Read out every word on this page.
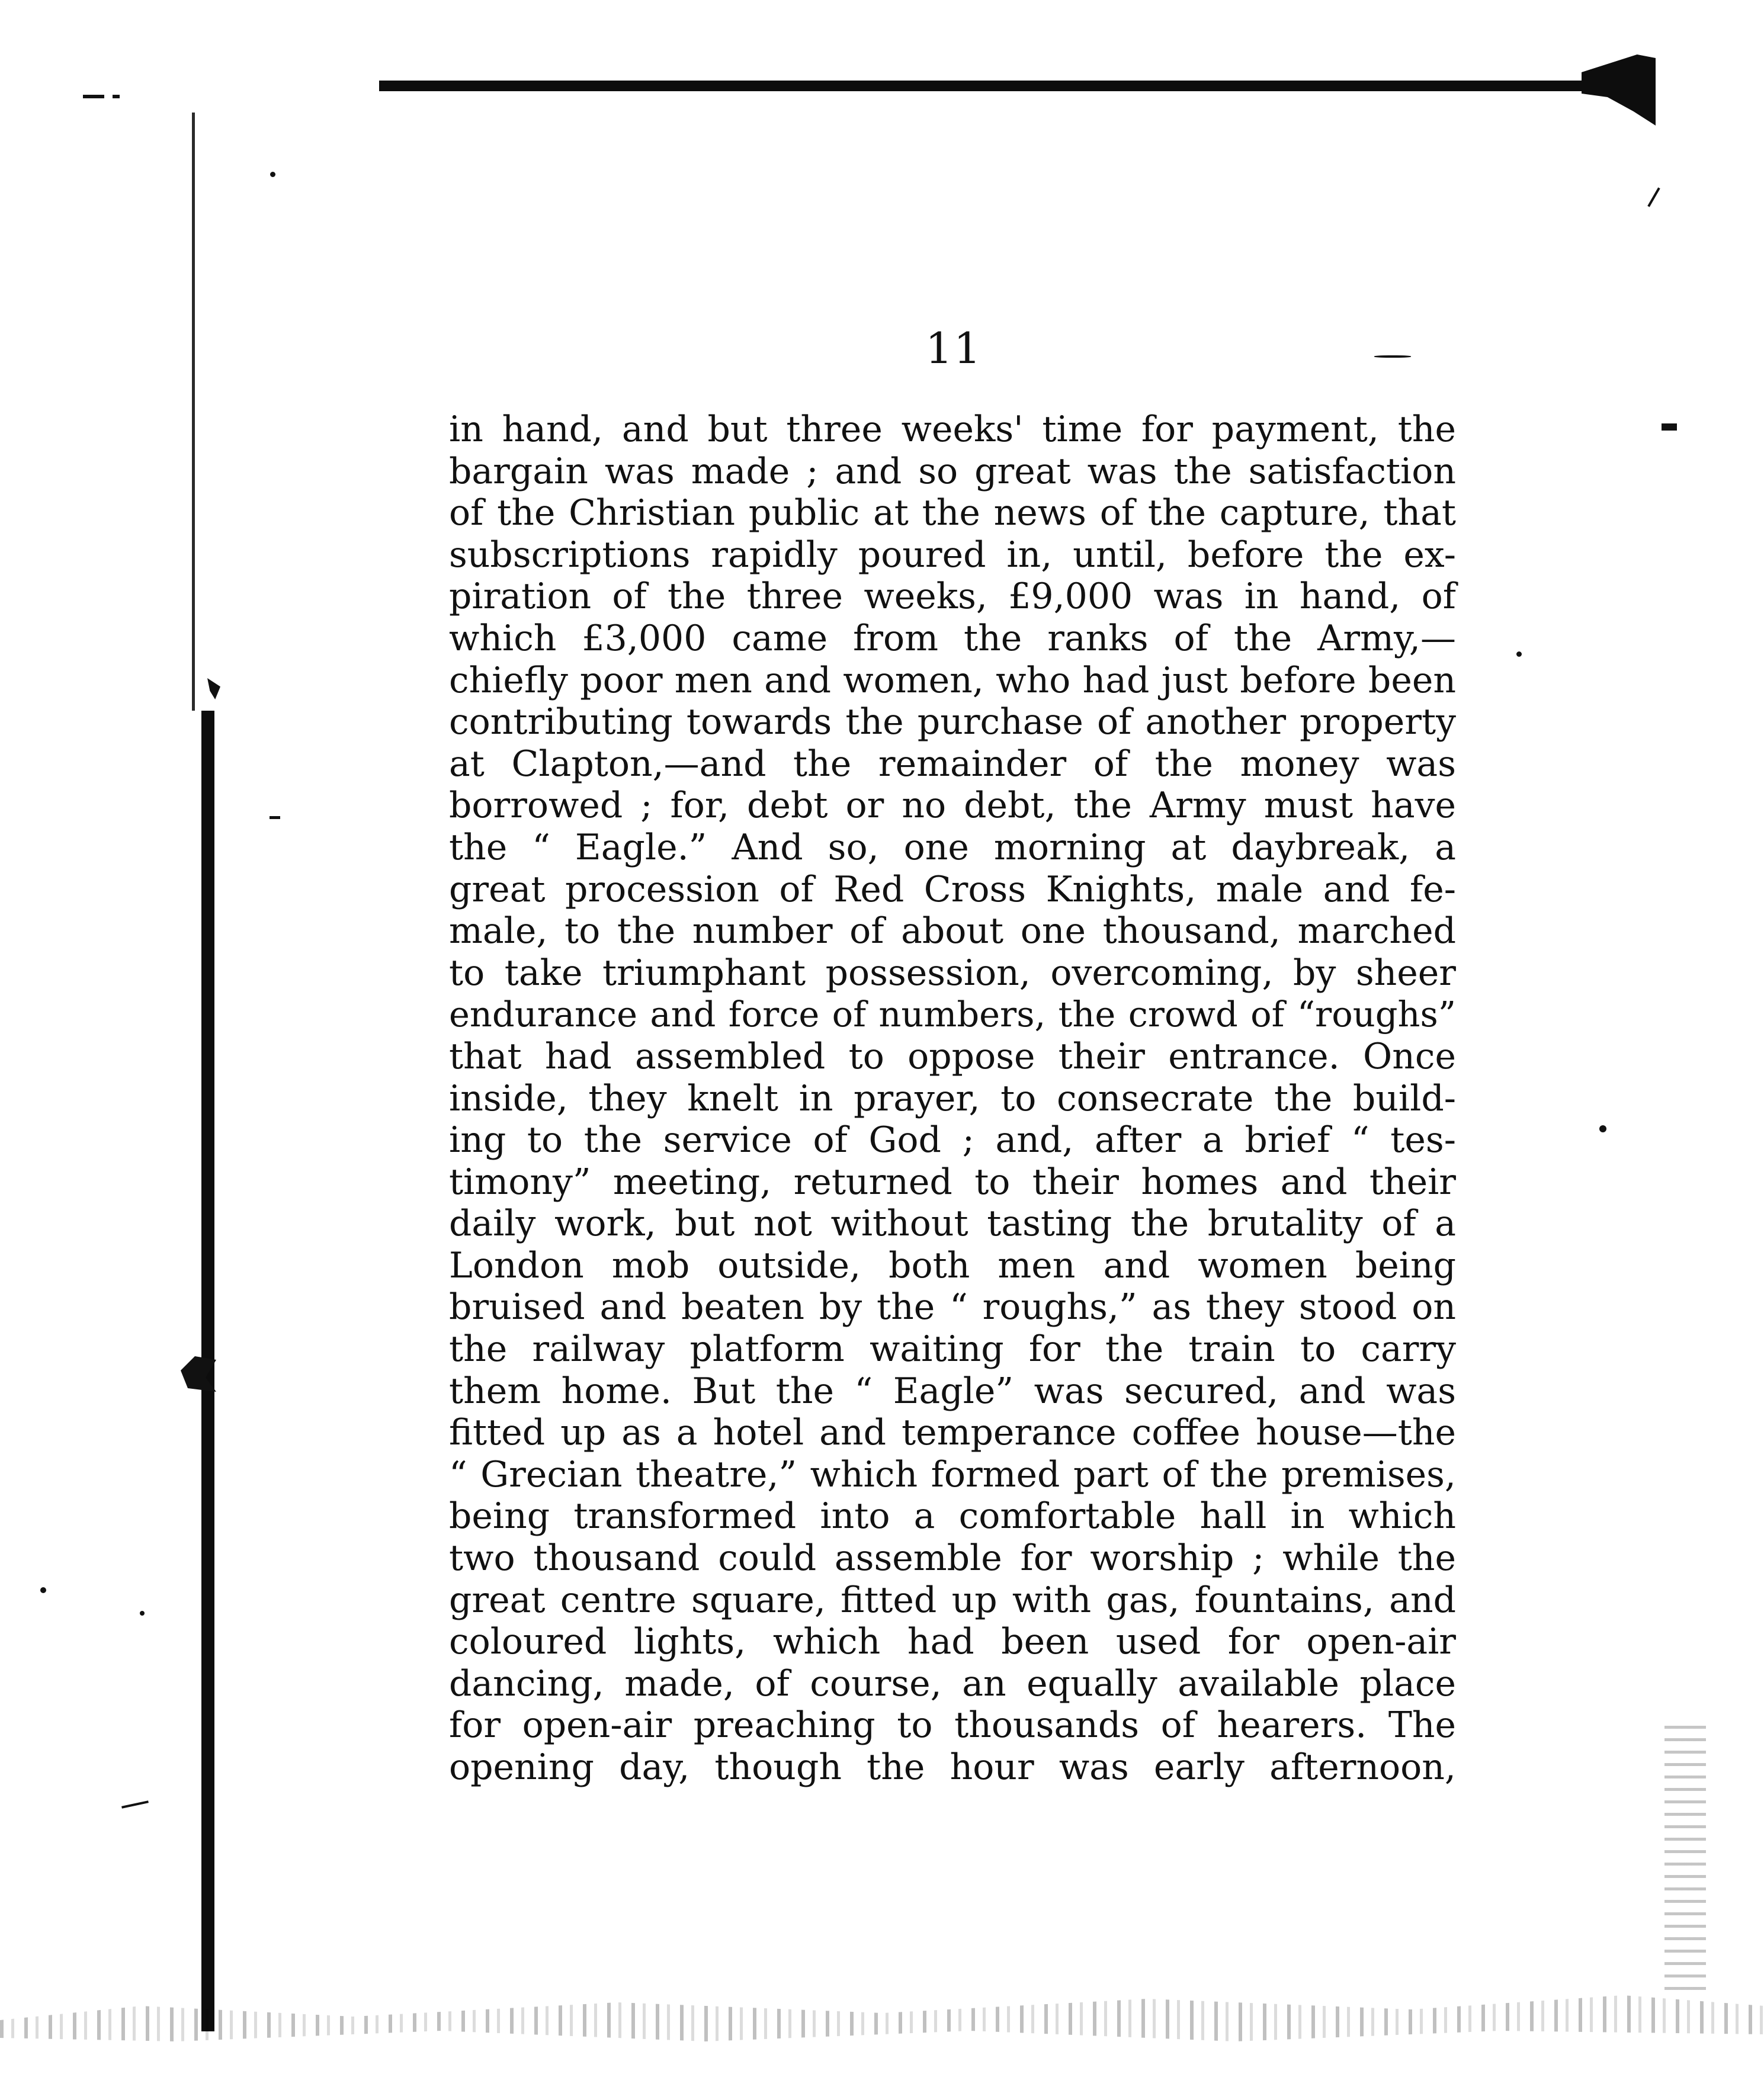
11
in hand, and but three weeks' time for payment, the
bargain was made ; and so great was the satisfaction
of the Christian public at the news of the capture, that
subscriptions rapidly poured in, until, before the ex-
piration of the three weeks, £9,000 was in hand, of
which £3,000 came from the ranks of the Army,—
chiefly poor men and women, who had just before been
contributing towards the purchase of another property
at Clapton,—and the remainder of the money was
borrowed ; for, debt or no debt, the Army must have
the “ Eagle.” And so, one morning at daybreak, a
great procession of Red Cross Knights, male and fe-
male, to the number of about one thousand, marched
to take triumphant possession, overcoming, by sheer
endurance and force of numbers, the crowd of “roughs”
that had assembled to oppose their entrance. Once
inside, they knelt in prayer, to consecrate the build-
ing to the service of God ; and, after a brief “ tes-
timony” meeting, returned to their homes and their
daily work, but not without tasting the brutality of a
London mob outside, both men and women being
bruised and beaten by the “ roughs,” as they stood on
the railway platform waiting for the train to carry
them home. But the “ Eagle” was secured, and was
fitted up as a hotel and temperance coffee house—the
“ Grecian theatre,” which formed part of the premises,
being transformed into a comfortable hall in which
two thousand could assemble for worship ; while the
great centre square, fitted up with gas, fountains, and
coloured lights, which had been used for open-air
dancing, made, of course, an equally available place
for open-air preaching to thousands of hearers. The
opening day, though the hour was early afternoon,
